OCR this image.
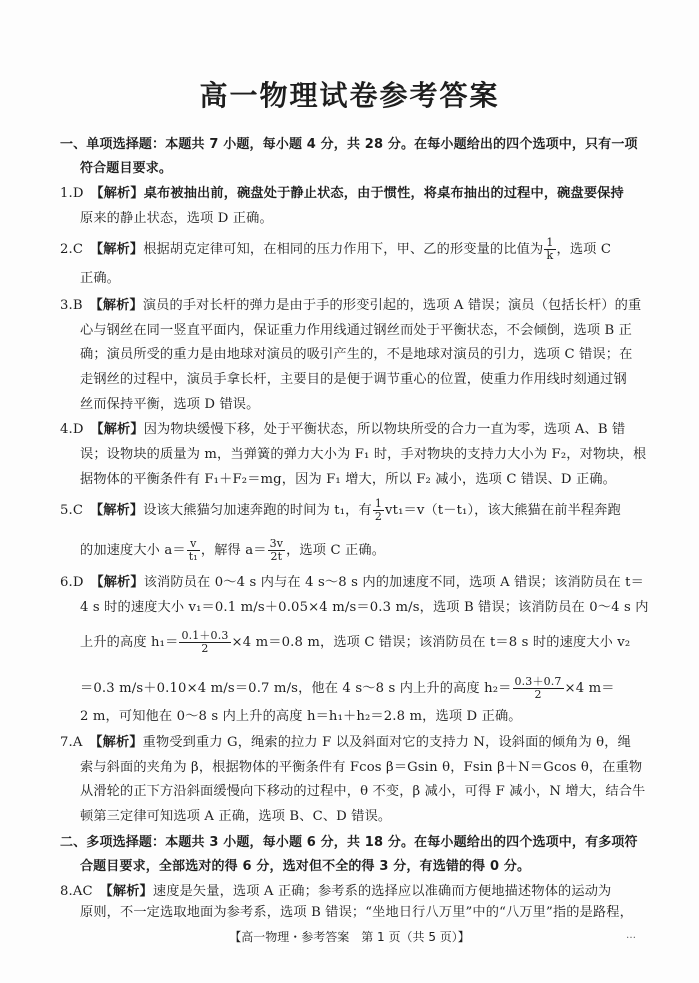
高一物理试卷参考答案
一、单项选择题：本题共 7 小题，每小题 4 分，共 28 分。在每小题给出的四个选项中，只有一项
符合题目要求。
1.D　 【解析】桌布被抽出前，碗盘处于静止状态，由于惯性，将桌布抽出的过程中，碗盘要保持
原来的静止状态，选项 D 正确。
2.C　 【解析】根据胡克定律可知，在相同的压力作用下，甲、乙的形变量的比值为 $\frac{1}{k}$ ，选项 C
正确。
3.B　 【解析】演员的手对长杆的弹力是由于手的形变引起的，选项 A 错误；演员（包括长杆）的重
心与钢丝在同一竖直平面内，保证重力作用线通过钢丝而处于平衡状态，不会倾倒，选项 B 正
确；演员所受的重力是由地球对演员的吸引产生的，不是地球对演员的引力，选项 C 错误；在
走钢丝的过程中，演员手拿长杆，主要目的是便于调节重心的位置，使重力作用线时刻通过钢
丝而保持平衡，选项 D 错误。
4.D　 【解析】因为物块缓慢下移，处于平衡状态，所以物块所受的合力一直为零，选项 A、B 错
误；设物块的质量为 m，当弹簧的弹力大小为 F₁ 时，手对物块的支持力大小为 F₂，对物块，根
据物体的平衡条件有 F₁＋F₂＝mg，因为 F₁ 增大，所以 F₂ 减小，选项 C 错误、D 正确。
5.C　 【解析】设该大熊猫匀加速奔跑的时间为 t₁，有 $\frac{1}{2} vt_1=v(t-t_1)$，该大熊猫在前半程奔跑
的加速度大小 $a= \frac{v}{\text{t₁}}$ ，解得 $a= \frac{3v}{2t}$ ，选项 C 正确。
6.D　 【解析】该消防员在 0～4 s 内与在 4 s～8 s 内的加速度不同，选项 A 错误；该消防员在 t＝
4 s 时的速度大小 v₁＝0.1 m/s＋0.05×4 m/s＝0.3 m/s，选项 B 错误；该消防员在 0～4 s 内
上升的高度 $h_1= \frac{0.1+0.3}{2} \times 4$ m＝0.8 m，选项 C 错误；该消防员在 t＝8 s 时的速度大小 v₂
＝0.3 m/s＋0.10×4 m/s＝0.7 m/s，他在 4 s～8 s 内上升的高度 $h_2= \frac{0.3+0.7}{2} \times 4$ m＝
2 m，可知他在 0～8 s 内上升的高度 h＝h₁＋h₂＝2.8 m，选项 D 正确。
7.A　 【解析】重物受到重力 G，绳索的拉力 F 以及斜面对它的支持力 N，设斜面的倾角为 θ，绳
索与斜面的夹角为 β，根据物体的平衡条件有 Fcos β＝Gsin θ，Fsin β＋N＝Gcos θ，在重物
从滑轮的正下方沿斜面缓慢向下移动的过程中，θ 不变，β 减小，可得 F 减小，N 增大，结合牛
顿第三定律可知选项 A 正确，选项 B、C、D 错误。
二、多项选择题：本题共 3 小题，每小题 6 分，共 18 分。在每小题给出的四个选项中，有多项符
合题目要求，全部选对的得 6 分，选对但不全的得 3 分，有选错的得 0 分。
8.AC　 【解析】速度是矢量，选项 A 正确；参考系的选择应以准确而方便地描述物体的运动为
原则，不一定选取地面为参考系，选项 B 错误；“坐地日行八万里”中的“八万里”指的是路程，
【高一物理・参考答案　第 1 页（共 5 页）】	…
